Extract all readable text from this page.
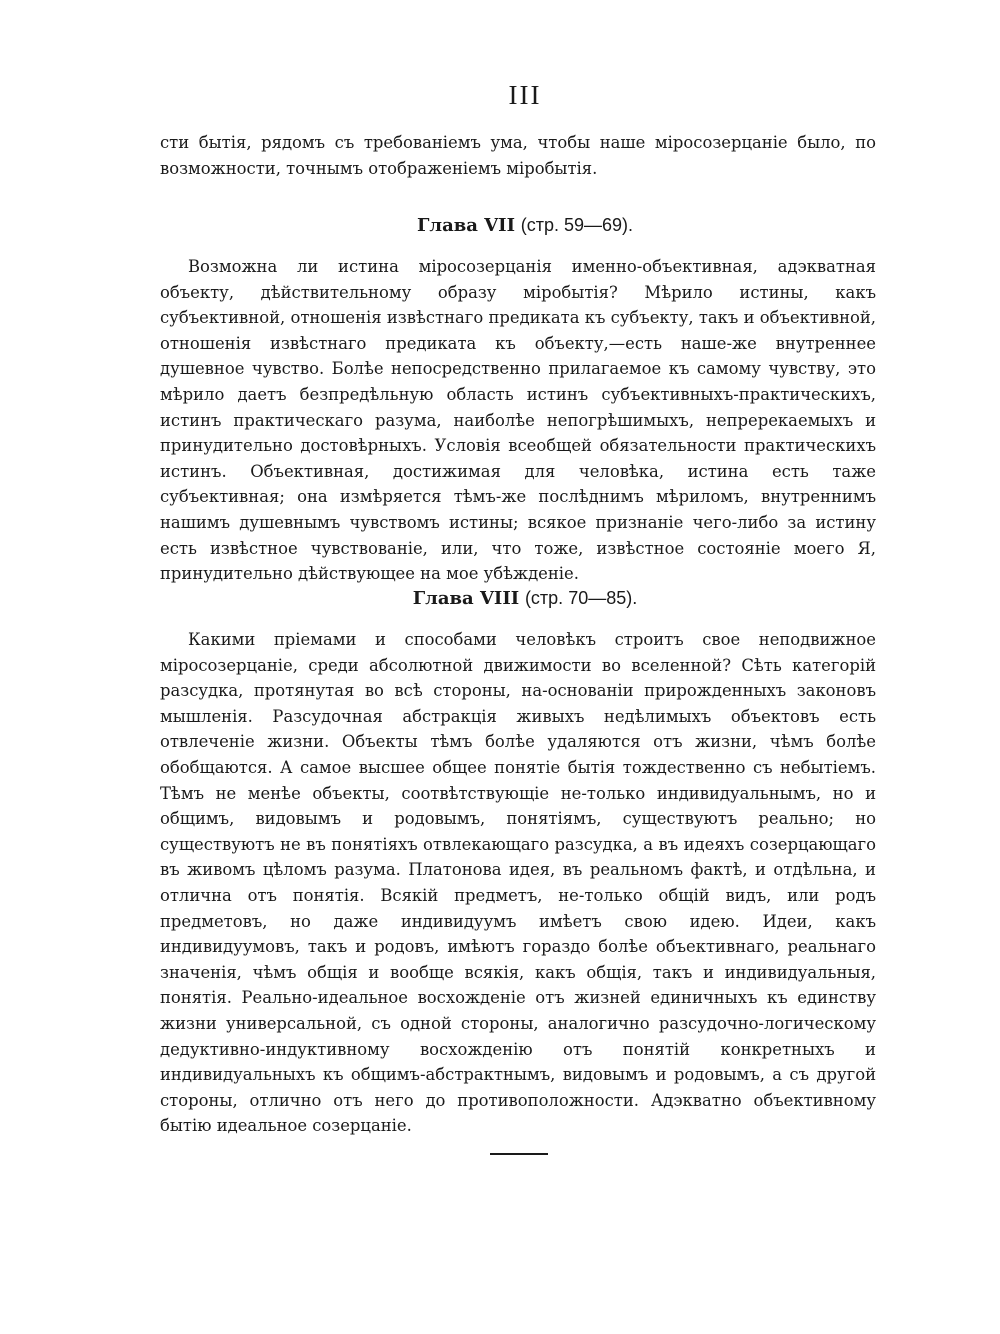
III

сти бытія, рядомъ съ требованіемъ ума, чтобы наше міросозерцаніе было, по возможности, точнымъ отображеніемъ міробытія.

Глава VII (стр. 59—69).

Возможна ли истина міросозерцанія именно-объективная, адэкватная объекту, дѣйствительному образу міробытія? Мѣрило истины, какъ субъективной, отношенія извѣстнаго предиката къ субъекту, такъ и объективной, отношенія извѣстнаго предиката къ объекту,—есть наше-же внутреннее душевное чувство. Болѣе непосредственно прилагаемое къ самому чувству, это мѣрило даетъ безпредѣльную область истинъ субъективныхъ-практическихъ, истинъ практическаго разума, наиболѣе непогрѣшимыхъ, непререкаемыхъ и принудительно достовѣрныхъ. Условія всеобщей обязательности практическихъ истинъ. Объективная, достижимая для человѣка, истина есть таже субъективная; она измѣряется тѣмъ-же послѣднимъ мѣриломъ, внутреннимъ нашимъ душевнымъ чувствомъ истины; всякое признаніе чего-либо за истину есть извѣстное чувствованіе, или, что тоже, извѣстное состояніе моего Я, принудительно дѣйствующее на мое убѣжденіе.

Глава VIII (стр. 70—85).

Какими пріемами и способами человѣкъ строитъ свое неподвижное міросозерцаніе, среди абсолютной движимости во вселенной? Сѣть категорій разсудка, протянутая во всѣ стороны, на-основаніи прирожденныхъ законовъ мышленія. Разсудочная абстракція живыхъ недѣлимыхъ объектовъ есть отвлеченіе жизни. Объекты тѣмъ болѣе удаляются отъ жизни, чѣмъ болѣе обобщаются. А самое высшее общее понятіе бытія тождественно съ небытіемъ. Тѣмъ не менѣе объекты, соотвѣтствующіе не-только индивидуальнымъ, но и общимъ, видовымъ и родовымъ, понятіямъ, существуютъ реально; но существуютъ не въ понятіяхъ отвлекающаго разсудка, а въ идеяхъ созерцающаго въ живомъ цѣломъ разума. Платонова идея, въ реальномъ фактѣ, и отдѣльна, и отлична отъ понятія. Всякій предметъ, не-только общій видъ, или родъ предметовъ, но даже индивидуумъ имѣетъ свою идею. Идеи, какъ индивидуумовъ, такъ и родовъ, имѣютъ гораздо болѣе объективнаго, реальнаго значенія, чѣмъ общія и вообще всякія, какъ общія, такъ и индивидуальныя, понятія. Реально-идеальное восхожденіе отъ жизней единичныхъ къ единству жизни универсальной, съ одной стороны, аналогично разсудочно-логическому дедуктивно-индуктивному восхожденію отъ понятій конкретныхъ и индивидуальныхъ къ общимъ-абстрактнымъ, видовымъ и родовымъ, а съ другой стороны, отлично отъ него до противоположности. Адэкватно объективному бытію идеальное созерцаніе.
